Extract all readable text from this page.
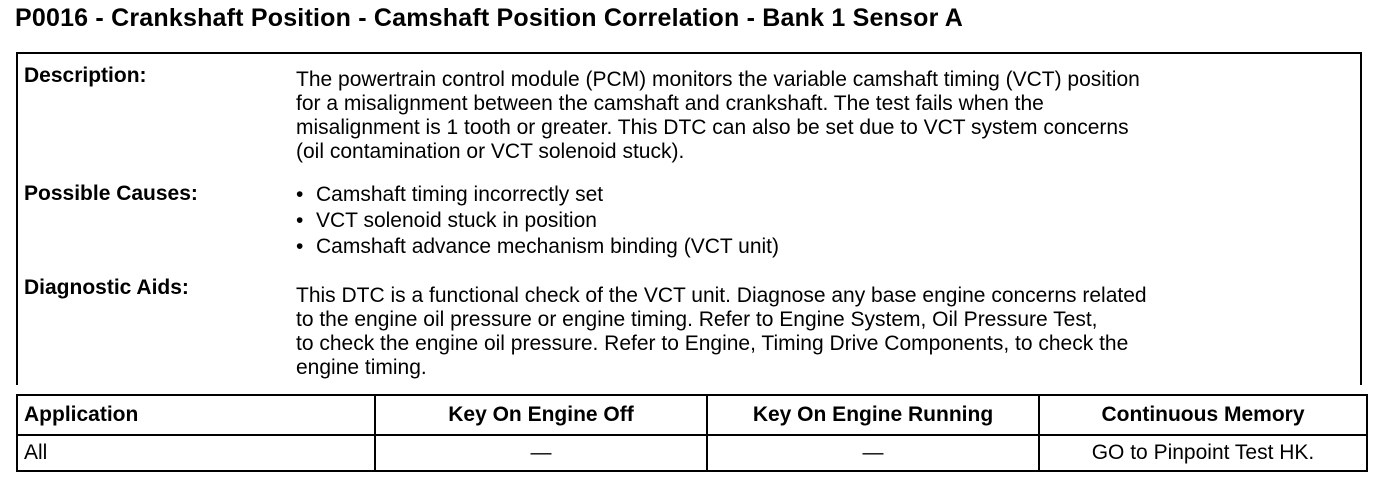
P0016 - Crankshaft Position - Camshaft Position Correlation - Bank 1 Sensor A
Description:	The powertrain control module (PCM) monitors the variable camshaft timing (VCT) position
for a misalignment between the camshaft and crankshaft. The test fails when the
misalignment is 1 tooth or greater. This DTC can also be set due to VCT system concerns
(oil contamination or VCT solenoid stuck).
Possible Causes:	• Camshaft timing incorrectly set
• VCT solenoid stuck in position
• Camshaft advance mechanism binding (VCT unit)
Diagnostic Aids:	This DTC is a functional check of the VCT unit. Diagnose any base engine concerns related
to the engine oil pressure or engine timing. Refer to Engine System, Oil Pressure Test,
to check the engine oil pressure. Refer to Engine, Timing Drive Components, to check the
engine timing.
Application	Key On Engine Off	Key On Engine Running	Continuous Memory
All	—	—	GO to Pinpoint Test HK.
